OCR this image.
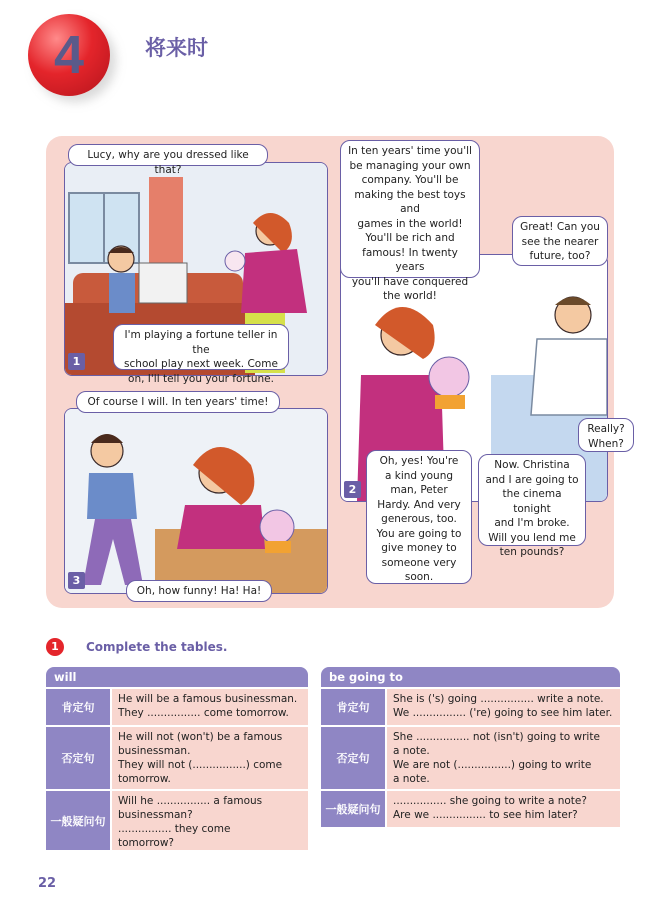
4	将来时
1
Lucy, why are you dressed like that?
I'm playing a fortune teller in the
school play next week. Come
on, I'll tell you your fortune.
2
In ten years' time you'll
be managing your own
company. You'll be
making the best toys and
games in the world!
You'll be rich and
famous! In twenty years
you'll have conquered
the world!
Great! Can you
see the nearer
future, too?
Really?
When?
Oh, yes! You're
a kind young
man, Peter
Hardy. And very
generous, too.
You are going to
give money to
someone very
soon.
Now. Christina
and I are going to
the cinema tonight
and I'm broke.
Will you lend me
ten pounds?
3
Of course I will. In ten years' time!
Oh, how funny! Ha! Ha!
1	Complete the tables.
will
肯定句
He will be a famous businessman.
They ................ come tomorrow.
否定句
He will not (won't) be a famous
businessman.
They will not (................) come
tomorrow.
一般疑问句
Will he ................ a famous
businessman?
................ they come
tomorrow?
be going to
肯定句
She is ('s) going ................ write a note.
We ................ ('re) going to see him later.
否定句
She ................ not (isn't) going to write
a note.
We are not (................) going to write
a note.
一般疑问句
................ she going to write a note?
Are we ................ to see him later?
22
